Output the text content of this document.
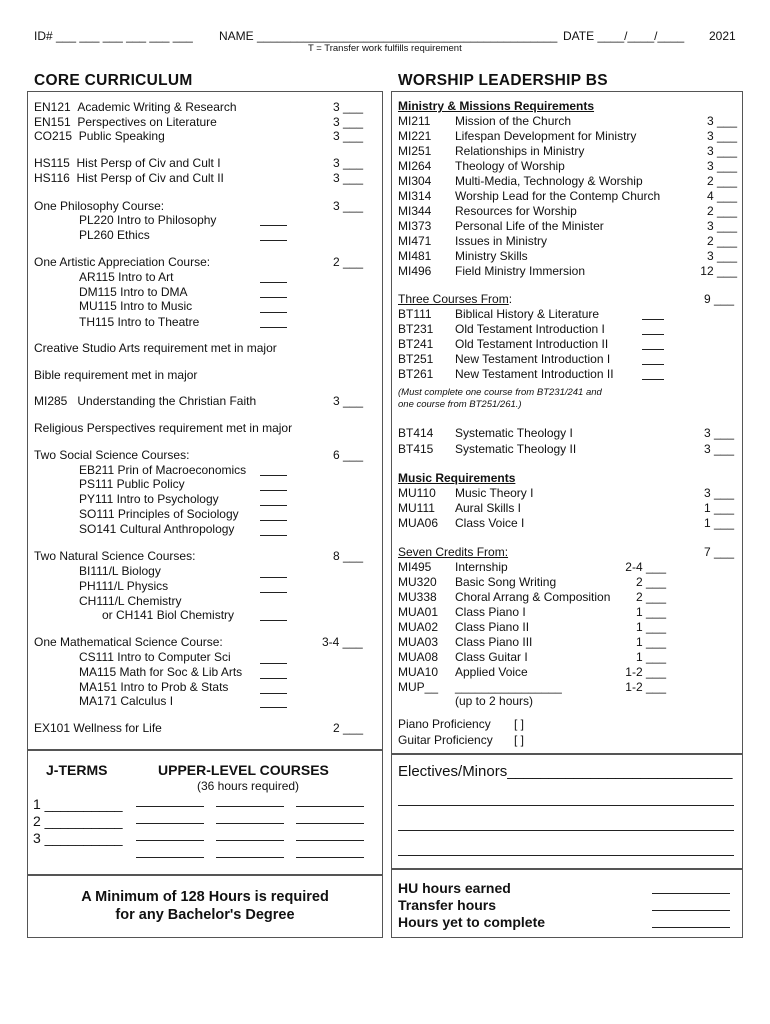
ID# ___ ___ ___ ___ ___ ___ NAME _____________________________________________ DATE ____/____/____ 2021
T = Transfer work fulfills requirement
CORE CURRICULUM	WORSHIP LEADERSHIP BS
EN121 Academic Writing & Research	3 ___
EN151 Perspectives on Literature	3 ___
CO215 Public Speaking	3 ___
HS115 Hist Persp of Civ and Cult I	3 ___
HS116 Hist Persp of Civ and Cult II	3 ___
One Philosophy Course:	3 ___
PL220 Intro to Philosophy
PL260 Ethics
One Artistic Appreciation Course:	2 ___
AR115 Intro to Art
DM115 Intro to DMA
MU115 Intro to Music
TH115 Intro to Theatre
Creative Studio Arts requirement met in major
Bible requirement met in major
MI285 Understanding the Christian Faith	3 ___
Religious Perspectives requirement met in major
Two Social Science Courses:	6 ___
EB211 Prin of Macroeconomics
PS111 Public Policy
PY111 Intro to Psychology
SO111 Principles of Sociology
SO141 Cultural Anthropology
Two Natural Science Courses:	8 ___
BI111/L Biology
PH111/L Physics
CH111/L Chemistry
or CH141 Biol Chemistry
One Mathematical Science Course:	3-4 ___
CS111 Intro to Computer Sci
MA115 Math for Soc & Lib Arts
MA151 Intro to Prob & Stats
MA171 Calculus I
EX101 Wellness for Life	2 ___
Ministry & Missions Requirements
MI211 Mission of the Church	3 ___
MI221 Lifespan Development for Ministry	3 ___
MI251 Relationships in Ministry	3 ___
MI264 Theology of Worship	3 ___
MI304 Multi-Media, Technology & Worship	2 ___
MI314 Worship Lead for the Contemp Church	4 ___
MI344 Resources for Worship	2 ___
MI373 Personal Life of the Minister	3 ___
MI471 Issues in Ministry	2 ___
MI481 Ministry Skills	3 ___
MI496 Field Ministry Immersion	12 ___
Three Courses From:	9 ___
BT111 Biblical History & Literature
BT231 Old Testament Introduction I
BT241 Old Testament Introduction II
BT251 New Testament Introduction I
BT261 New Testament Introduction II
(Must complete one course from BT231/241 and
one course from BT251/261.)
BT414 Systematic Theology I	3 ___
BT415 Systematic Theology II	3 ___
Music Requirements
MU110 Music Theory I	3 ___
MU111 Aural Skills I	1 ___
MUA06 Class Voice I	1 ___
Seven Credits From:	7 ___
MI495 Internship	2-4 ___
MU320 Basic Song Writing	2 ___
MU338 Choral Arrang & Composition 2 ___
MUA01 Class Piano I	1 ___
MUA02 Class Piano II	1 ___
MUA03 Class Piano III	1 ___
MUA08 Class Guitar I	1 ___
MUA10 Applied Voice	1-2 ___
MUP__ ________________	1-2 ___
(up to 2 hours)
Piano Proficiency [ ]
Guitar Proficiency [ ]
J-TERMS	UPPER-LEVEL COURSES
(36 hours required)
1 __________
2 __________
3 __________
Electives/Minors___________________________
A Minimum of 128 Hours is required
for any Bachelor's Degree
HU hours earned
Transfer hours
Hours yet to complete
